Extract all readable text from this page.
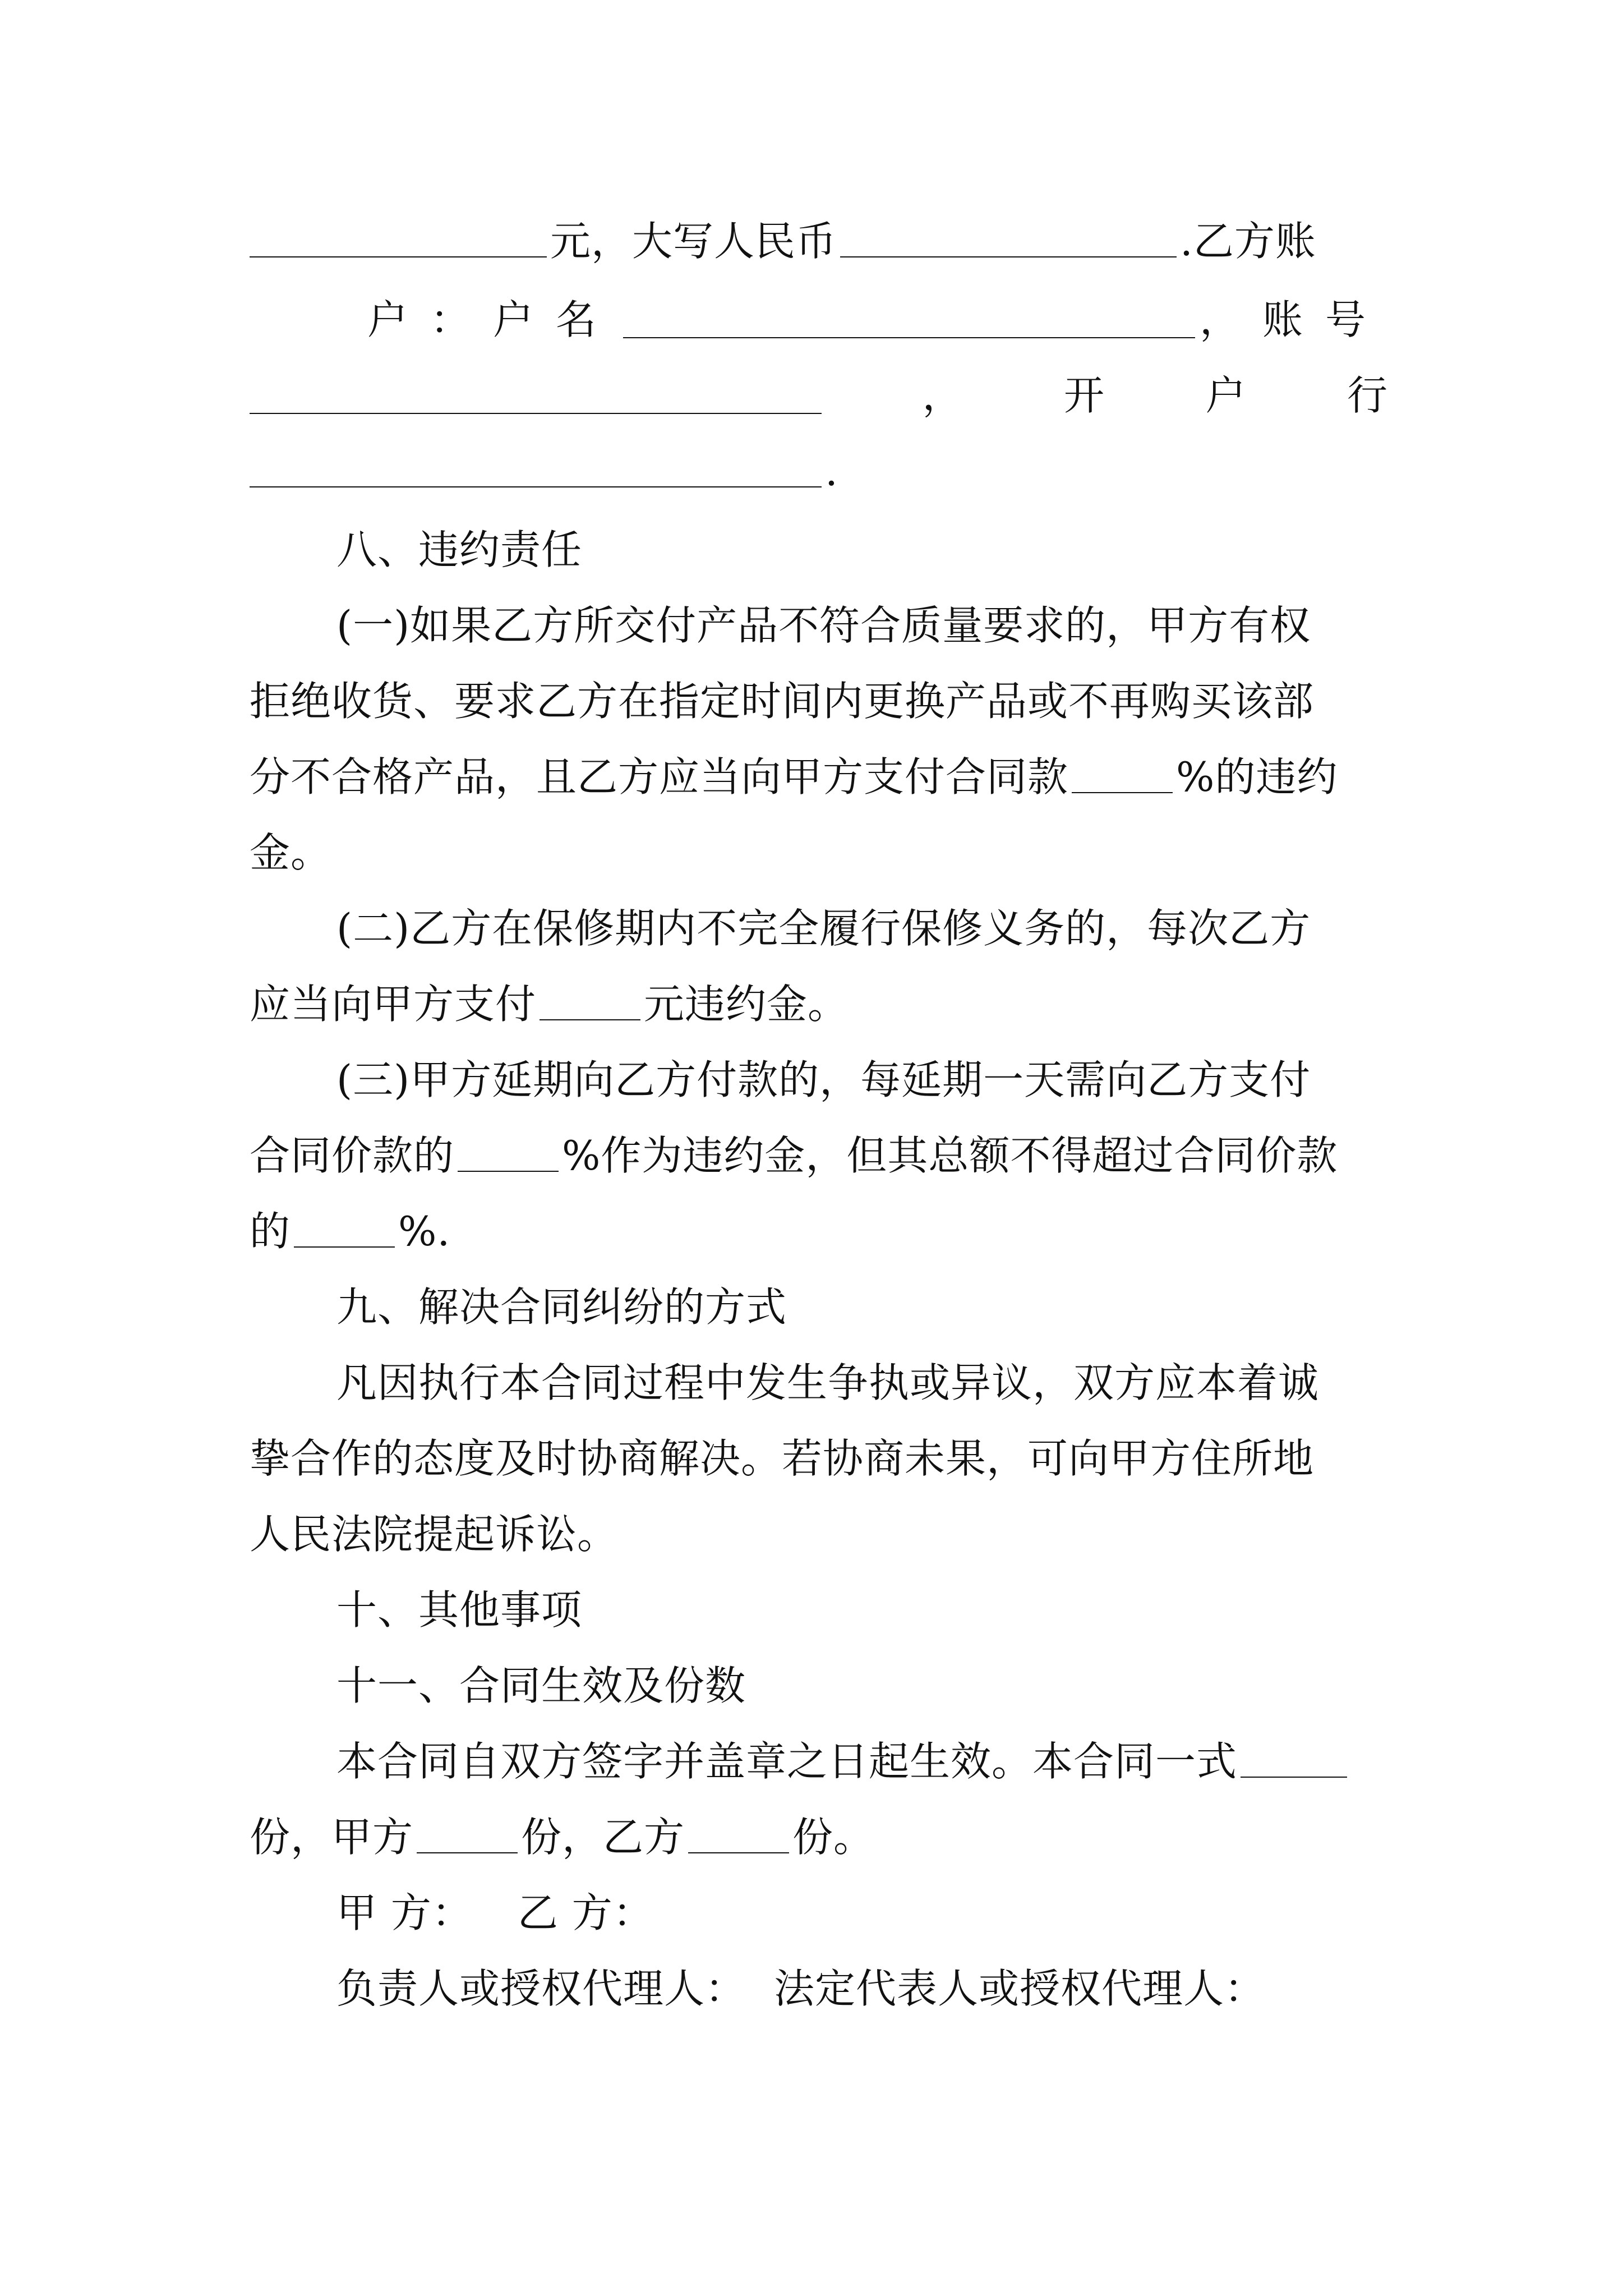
元，大写人民币	.乙方账
户：户名	，账号
， 开 户 行
.
八、违约责任
(一)如果乙方所交付产品不符合质量要求的，甲方有权
拒绝收货、要求乙方在指定时间内更换产品或不再购买该部
分不合格产品，且乙方应当向甲方支付合同款	%的违约
金。
(二)乙方在保修期内不完全履行保修义务的，每次乙方
应当向甲方支付	元违约金。
(三)甲方延期向乙方付款的，每延期一天需向乙方支付
合同价款的	%作为违约金，但其总额不得超过合同价款
的	%.
九、解决合同纠纷的方式
凡因执行本合同过程中发生争执或异议，双方应本着诚
挚合作的态度及时协商解决。若协商未果，可向甲方住所地
人民法院提起诉讼。
十、其他事项
十一、合同生效及份数
本合同自双方签字并盖章之日起生效。本合同一式
份，甲方	份，乙方	份。
甲 方： 乙 方：
负责人或授权代理人： 法定代表人或授权代理人：
